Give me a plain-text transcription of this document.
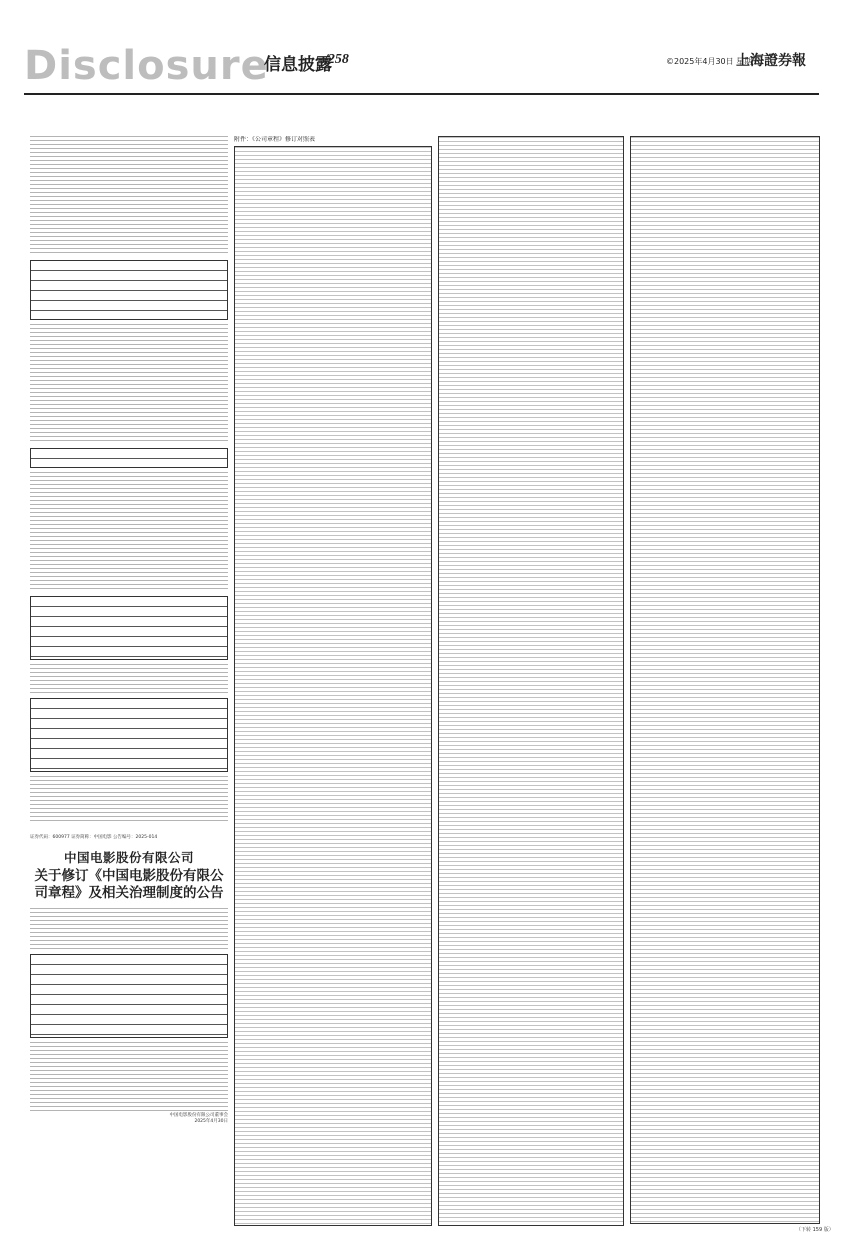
Disclosure
信息披露
/258	©2025年4月30日 星期三
上海證券報
证券代码：600977 证券简称：中国电影 公告编号：2025-014
中国电影股份有限公司
关于修订《中国电影股份有限公司章程》及相关治理制度的公告
中国电影股份有限公司董事会
2025年4月30日
附件：《公司章程》修订对照表
（下转 159 版）
